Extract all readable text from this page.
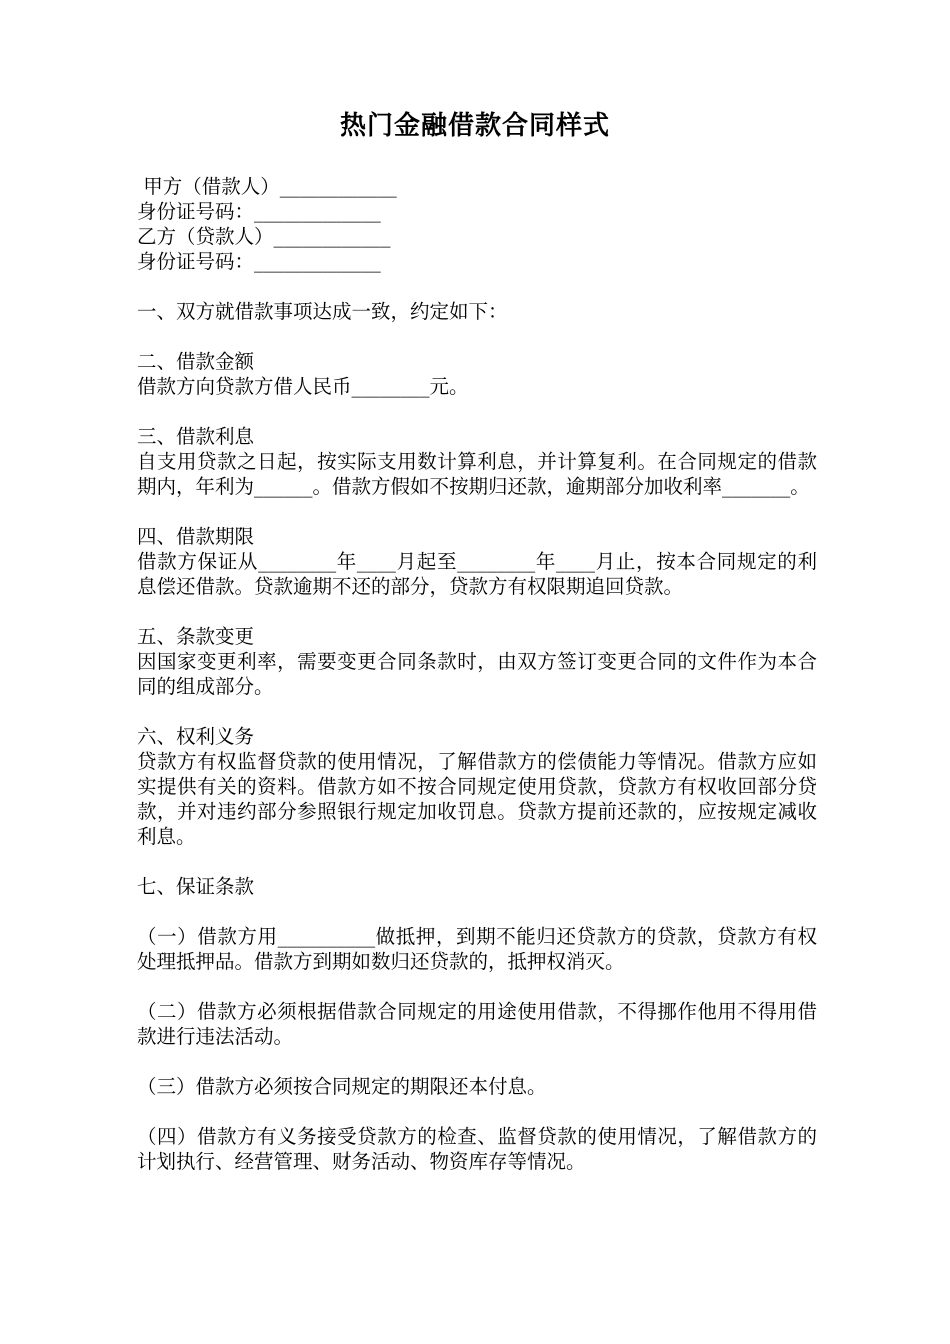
热门金融借款合同样式

甲方（借款人）____________

身份证号码：_____________

乙方（贷款人）____________

身份证号码：_____________

一、双方就借款事项达成一致，约定如下：

二、借款金额

借款方向贷款方借人民币________元。

三、借款利息

自支用贷款之日起，按实际支用数计算利息，并计算复利。在合同规定的借款期内，年利为______。借款方假如不按期归还款，逾期部分加收利率_______。

四、借款期限

借款方保证从________年____月起至________年____月止，按本合同规定的利息偿还借款。贷款逾期不还的部分，贷款方有权限期追回贷款。

五、条款变更

因国家变更利率，需要变更合同条款时，由双方签订变更合同的文件作为本合同的组成部分。

六、权利义务

贷款方有权监督贷款的使用情况，了解借款方的偿债能力等情况。借款方应如实提供有关的资料。借款方如不按合同规定使用贷款，贷款方有权收回部分贷款，并对违约部分参照银行规定加收罚息。贷款方提前还款的，应按规定减收利息。

七、保证条款

（一）借款方用__________做抵押，到期不能归还贷款方的贷款，贷款方有权处理抵押品。借款方到期如数归还贷款的，抵押权消灭。

（二）借款方必须根据借款合同规定的用途使用借款，不得挪作他用不得用借款进行违法活动。

（三）借款方必须按合同规定的期限还本付息。

（四）借款方有义务接受贷款方的检查、监督贷款的使用情况，了解借款方的计划执行、经营管理、财务活动、物资库存等情况。
